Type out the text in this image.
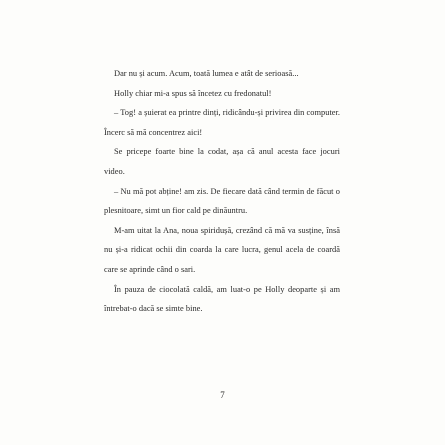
Dar nu și acum. Acum, toată lumea e atât de serioasă...

Holly chiar mi-a spus să încetez cu fredonatul!

– Tog! a șuierat ea printre dinți, ridicându-și privirea din computer. Încerc să mă concentrez aici!

Se pricepe foarte bine la codat, așa că anul acesta face jocuri video.

– Nu mă pot abține! am zis. De fiecare dată când termin de făcut o plesnitoare, simt un fior cald pe dinăuntru.

M-am uitat la Ana, noua spiridușă, crezând că mă va susține, însă nu și-a ridicat ochii din coarda la care lucra, genul acela de coardă care se aprinde când o sari.

În pauza de ciocolată caldă, am luat-o pe Holly deoparte și am întrebat-o dacă se simte bine.

7
